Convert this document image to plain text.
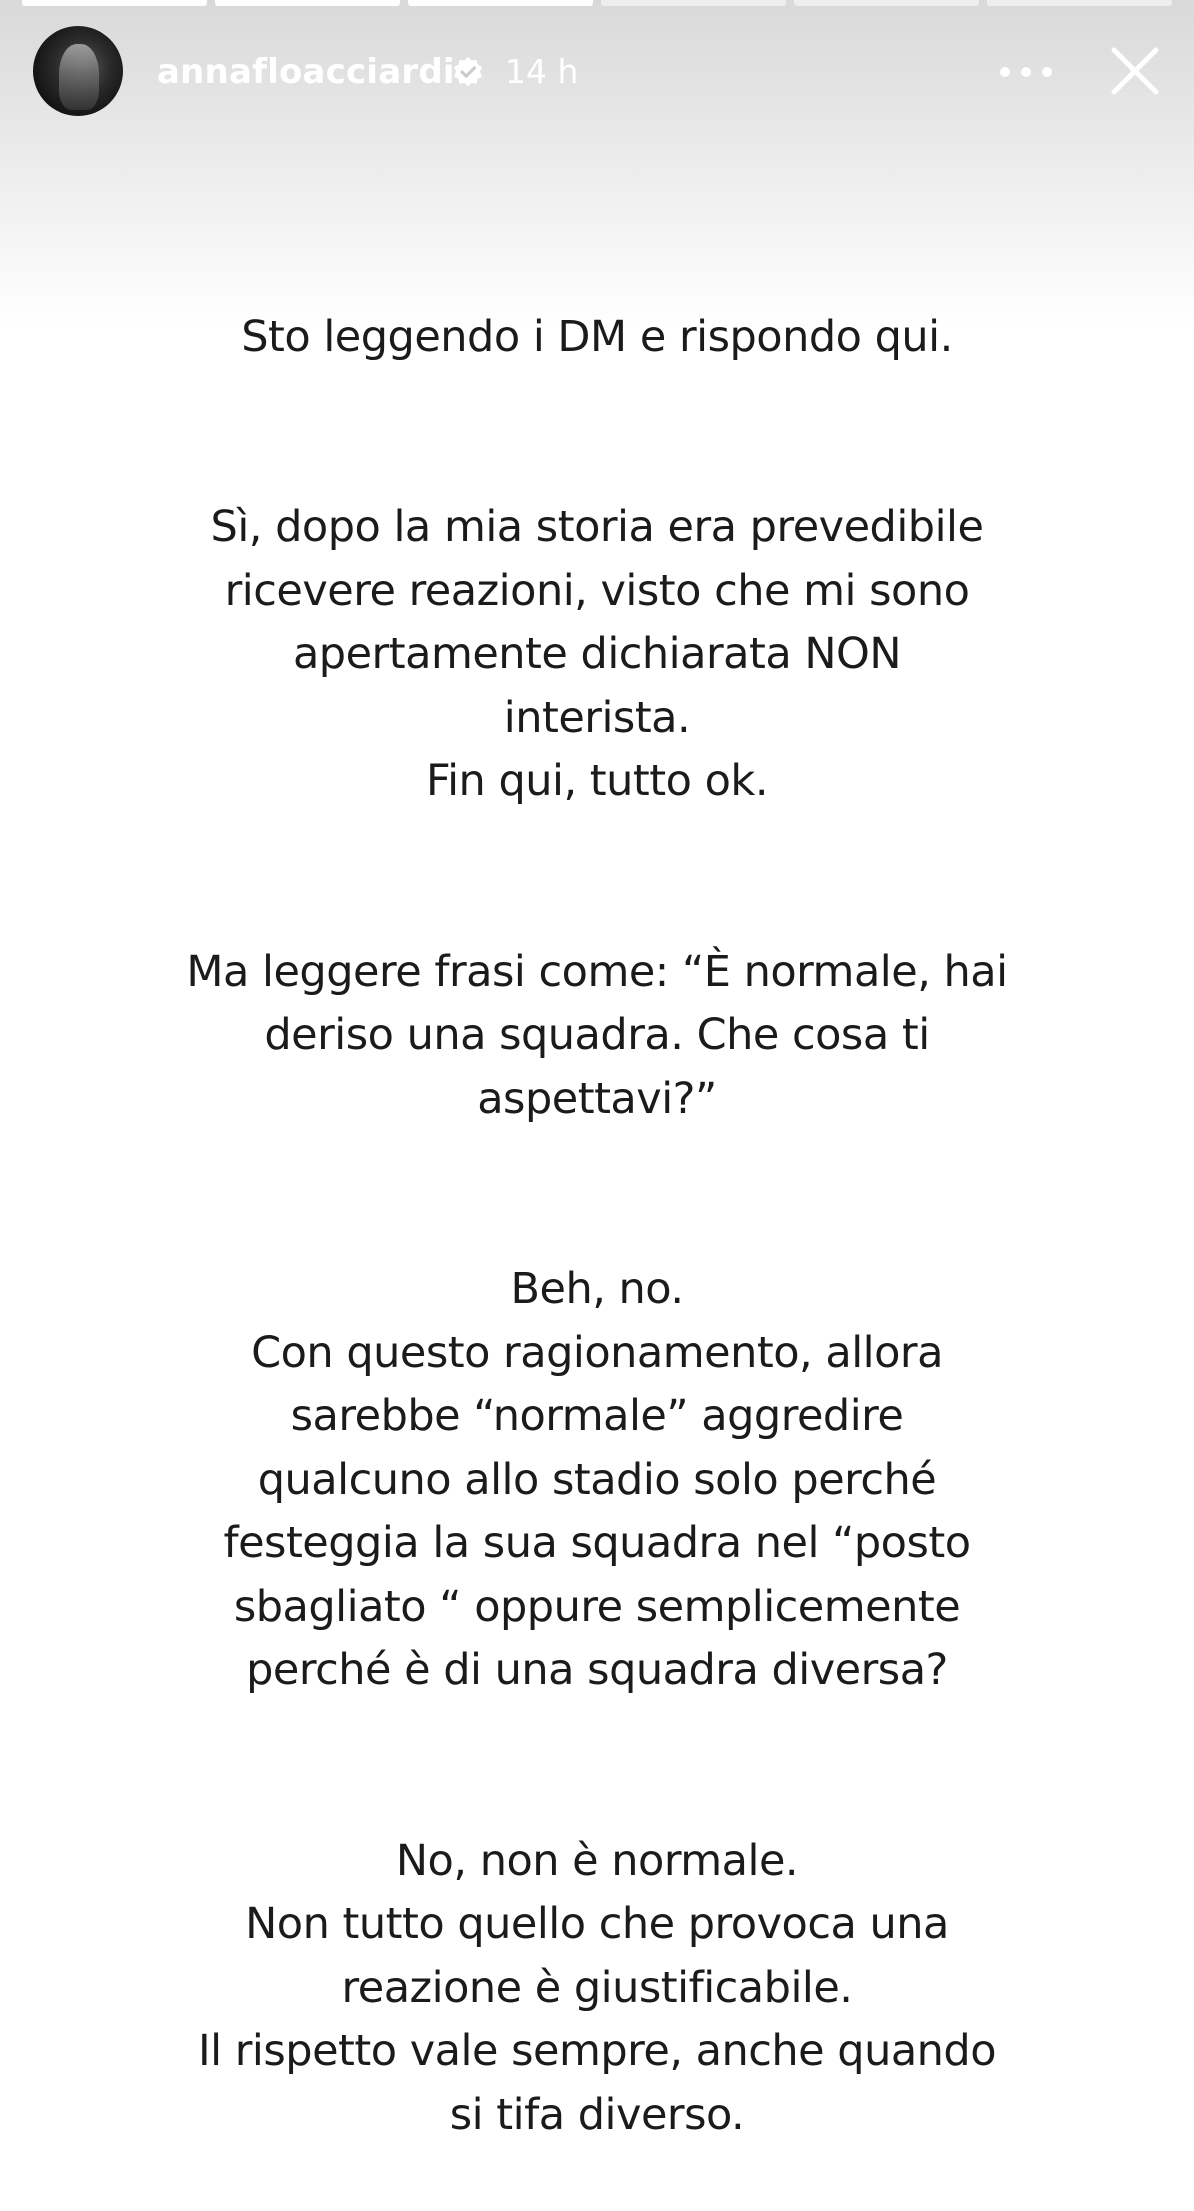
annafloacciardi 14 h

Sto leggendo i DM e rispondo qui.

Sì, dopo la mia storia era prevedibile
ricevere reazioni, visto che mi sono
apertamente dichiarata NON
interista.
Fin qui, tutto ok.

Ma leggere frasi come: “È normale, hai
deriso una squadra. Che cosa ti
aspettavi?”

Beh, no.
Con questo ragionamento, allora
sarebbe “normale” aggredire
qualcuno allo stadio solo perché
festeggia la sua squadra nel “posto
sbagliato “ oppure semplicemente
perché è di una squadra diversa?

No, non è normale.
Non tutto quello che provoca una
reazione è giustificabile.
Il rispetto vale sempre, anche quando
si tifa diverso.
